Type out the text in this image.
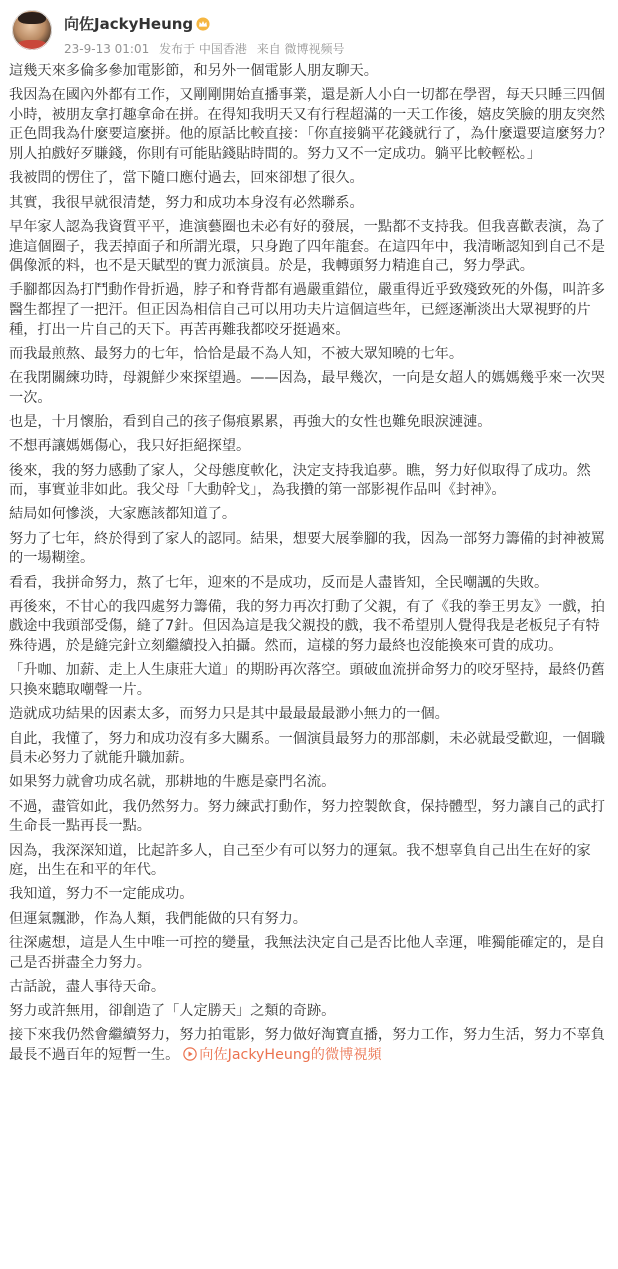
向佐JackyHeung
23-9-13 01:01 发布于 中国香港 来自 微博视频号

這幾天來多倫多參加電影節，和另外一個電影人朋友聊天。

我因為在國內外都有工作，又剛剛開始直播事業，還是新人小白一切都在學習，每天只睡三四個小時，被朋友拿打趣拿命在拼。在得知我明天又有行程超滿的一天工作後，嬉皮笑臉的朋友突然正色問我為什麼要這麼拼。他的原話比較直接：「你直接躺平花錢就行了，為什麼還要這麼努力？別人拍戲好歹賺錢，你則有可能貼錢貼時間的。努力又不一定成功。躺平比較輕松。」

我被問的愣住了，當下隨口應付過去，回來卻想了很久。

其實，我很早就很清楚，努力和成功本身沒有必然聯系。

早年家人認為我資質平平，進演藝圈也未必有好的發展，一點都不支持我。但我喜歡表演，為了進這個圈子，我丟掉面子和所謂光環，只身跑了四年龍套。在這四年中，我清晰認知到自己不是偶像派的料，也不是天賦型的實力派演員。於是，我轉頭努力精進自己，努力學武。

手腳都因為打鬥動作骨折過，脖子和脊背都有過嚴重錯位，嚴重得近乎致殘致死的外傷，叫許多醫生都捏了一把汗。但正因為相信自己可以用功夫片這個這些年，已經逐漸淡出大眾視野的片種，打出一片自己的天下。再苦再難我都咬牙挺過來。

而我最煎熬、最努力的七年，恰恰是最不為人知，不被大眾知曉的七年。

在我閉關練功時，母親鮮少來探望過。——因為，最早幾次，一向是女超人的媽媽幾乎來一次哭一次。

也是，十月懷胎，看到自己的孩子傷痕累累，再強大的女性也難免眼淚漣漣。

不想再讓媽媽傷心，我只好拒絕探望。

後來，我的努力感動了家人，父母態度軟化，決定支持我追夢。瞧，努力好似取得了成功。然而，事實並非如此。我父母「大動幹戈」，為我攢的第一部影視作品叫《封神》。

結局如何慘淡，大家應該都知道了。

努力了七年，終於得到了家人的認同。結果，想要大展拳腳的我，因為一部努力籌備的封神被罵的一場糊塗。

看看，我拼命努力，熬了七年，迎來的不是成功，反而是人盡皆知，全民嘲諷的失敗。

再後來，不甘心的我四處努力籌備，我的努力再次打動了父親，有了《我的拳王男友》一戲，拍戲途中我頭部受傷，縫了7針。但因為這是我父親投的戲，我不希望別人覺得我是老板兒子有特殊待遇，於是縫完針立刻繼續投入拍攝。然而，這樣的努力最終也沒能換來可貴的成功。

「升咖、加薪、走上人生康莊大道」的期盼再次落空。頭破血流拼命努力的咬牙堅持，最終仍舊只換來聽取嘲聲一片。

造就成功結果的因素太多，而努力只是其中最最最最渺小無力的一個。

自此，我懂了，努力和成功沒有多大關系。一個演員最努力的那部劇，未必就最受歡迎，一個職員未必努力了就能升職加薪。

如果努力就會功成名就，那耕地的牛應是豪門名流。

不過，盡管如此，我仍然努力。努力練武打動作，努力控製飲食，保持體型，努力讓自己的武打生命長一點再長一點。

因為，我深深知道，比起許多人，自己至少有可以努力的運氣。我不想辜負自己出生在好的家庭，出生在和平的年代。

我知道，努力不一定能成功。

但運氣飄渺，作為人類，我們能做的只有努力。

往深處想，這是人生中唯一可控的變量，我無法決定自己是否比他人幸運，唯獨能確定的，是自己是否拼盡全力努力。

古話說，盡人事待天命。

努力或許無用，卻創造了「人定勝天」之類的奇跡。

接下來我仍然會繼續努力，努力拍電影，努力做好淘寶直播，努力工作，努力生活，努力不辜負最長不過百年的短暫一生。 向佐JackyHeung的微博視頻
